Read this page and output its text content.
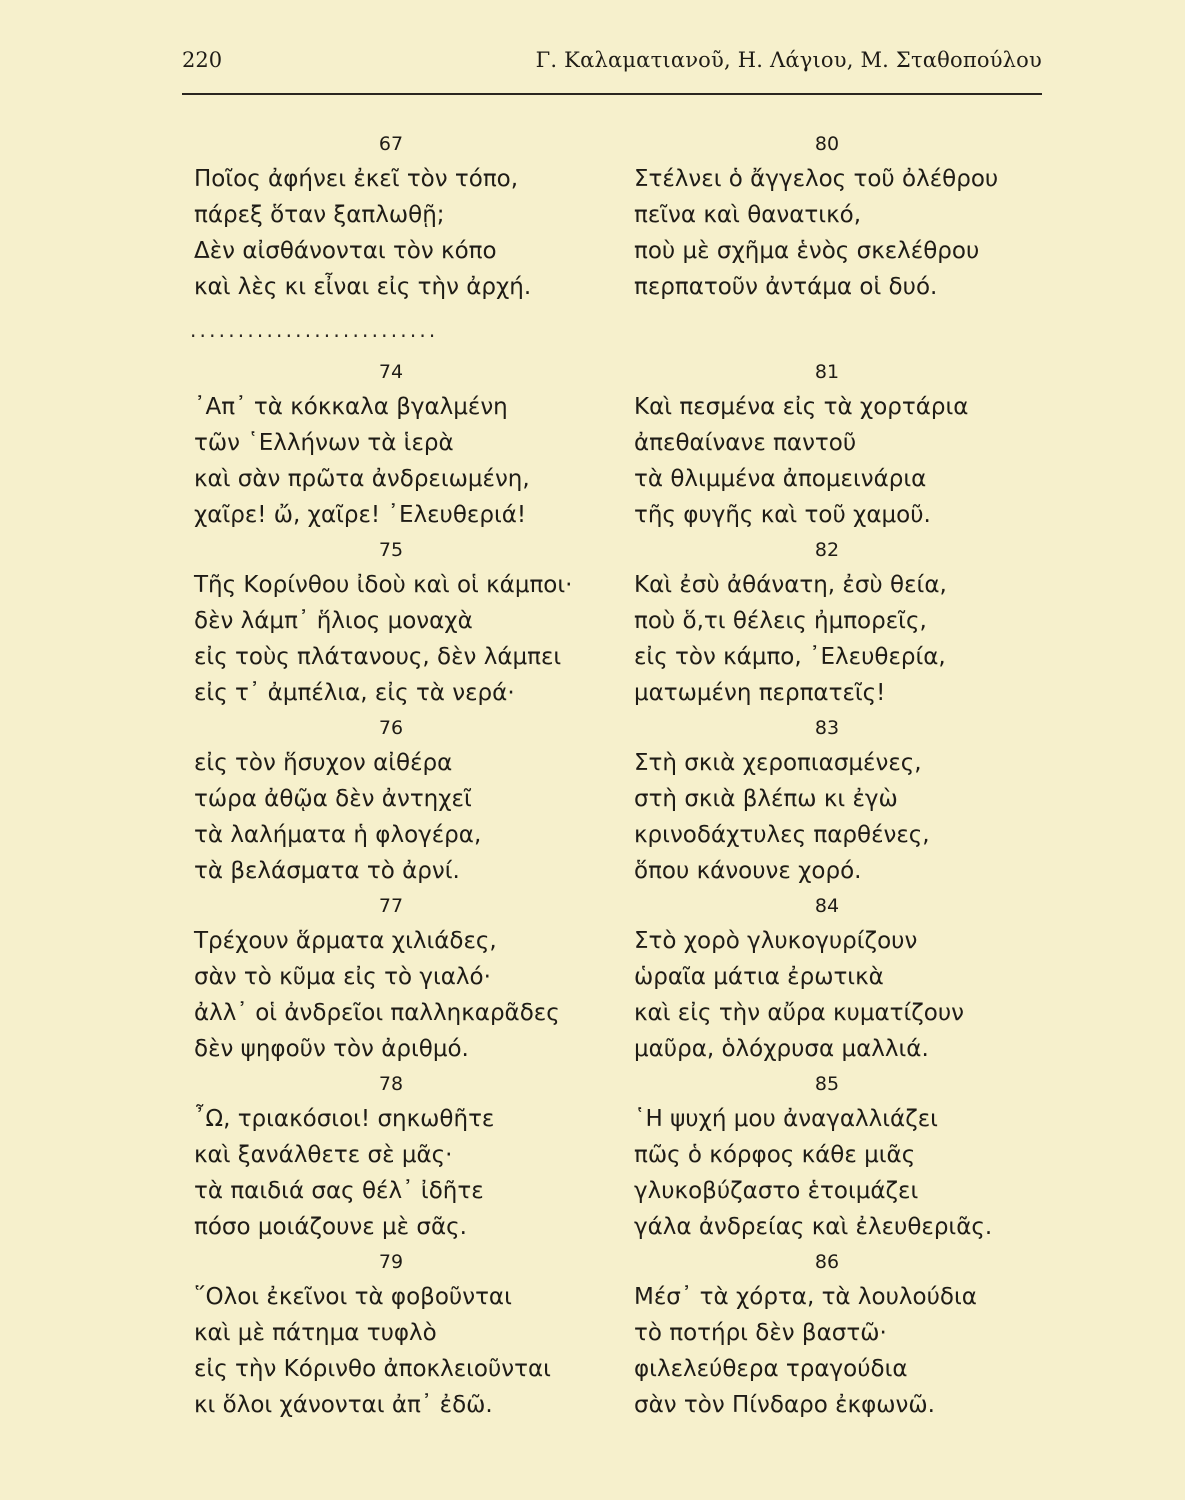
220	Γ. Καλαματιανοῦ, Η. Λάγιου, Μ. Σταθοπούλου
67
Ποῖος ἀφήνει ἐκεῖ τὸν τόπο,
πάρεξ ὅταν ξαπλωθῇ;
Δὲν αἰσθάνονται τὸν κόπο
καὶ λὲς κι εἶναι εἰς τὴν ἀρχή.
..........................
74
᾿Απ᾿ τὰ κόκκαλα βγαλμένη
τῶν ῾Ελλήνων τὰ ἱερὰ
καὶ σὰν πρῶτα ἀνδρειωμένη,
χαῖρε! ὤ, χαῖρε! ᾿Ελευθεριά!
75
Τῆς Κορίνθου ἰδοὺ καὶ οἱ κάμποι·
δὲν λάμπ᾿ ἥλιος μοναχὰ
εἰς τοὺς πλάτανους, δὲν λάμπει
εἰς τ᾿ ἀμπέλια, εἰς τὰ νερά·
76
εἰς τὸν ἥσυχον αἰθέρα
τώρα ἀθῷα δὲν ἀντηχεῖ
τὰ λαλήματα ἡ φλογέρα,
τὰ βελάσματα τὸ ἀρνί.
77
Τρέχουν ἅρματα χιλιάδες,
σὰν τὸ κῦμα εἰς τὸ γιαλό·
ἀλλ᾿ οἱ ἀνδρεῖοι παλληκαρᾶδες
δὲν ψηφοῦν τὸν ἀριθμό.
78
῏Ω, τριακόσιοι! σηκωθῆτε
καὶ ξανάλθετε σὲ μᾶς·
τὰ παιδιά σας θέλ᾿ ἰδῆτε
πόσο μοιάζουνε μὲ σᾶς.
79
῞Ολοι ἐκεῖνοι τὰ φοβοῦνται
καὶ μὲ πάτημα τυφλὸ
εἰς τὴν Κόρινθο ἀποκλειοῦνται
κι ὅλοι χάνονται ἀπ᾿ ἐδῶ.
80
Στέλνει ὁ ἄγγελος τοῦ ὀλέθρου
πεῖνα καὶ θανατικό,
ποὺ μὲ σχῆμα ἑνὸς σκελέθρου
περπατοῦν ἀντάμα οἱ δυό.
81
Καὶ πεσμένα εἰς τὰ χορτάρια
ἀπεθαίνανε παντοῦ
τὰ θλιμμένα ἀπομεινάρια
τῆς φυγῆς καὶ τοῦ χαμοῦ.
82
Καὶ ἐσὺ ἀθάνατη, ἐσὺ θεία,
ποὺ ὅ,τι θέλεις ἠμπορεῖς,
εἰς τὸν κάμπο, ᾿Ελευθερία,
ματωμένη περπατεῖς!
83
Στὴ σκιὰ χεροπιασμένες,
στὴ σκιὰ βλέπω κι ἐγὼ
κρινοδάχτυλες παρθένες,
ὅπου κάνουνε χορό.
84
Στὸ χορὸ γλυκογυρίζουν
ὡραῖα μάτια ἐρωτικὰ
καὶ εἰς τὴν αὔρα κυματίζουν
μαῦρα, ὁλόχρυσα μαλλιά.
85
῾Η ψυχή μου ἀναγαλλιάζει
πῶς ὁ κόρφος κάθε μιᾶς
γλυκοβύζαστο ἑτοιμάζει
γάλα ἀνδρείας καὶ ἐλευθεριᾶς.
86
Μέσ᾿ τὰ χόρτα, τὰ λουλούδια
τὸ ποτήρι δὲν βαστῶ·
φιλελεύθερα τραγούδια
σὰν τὸν Πίνδαρο ἐκφωνῶ.
